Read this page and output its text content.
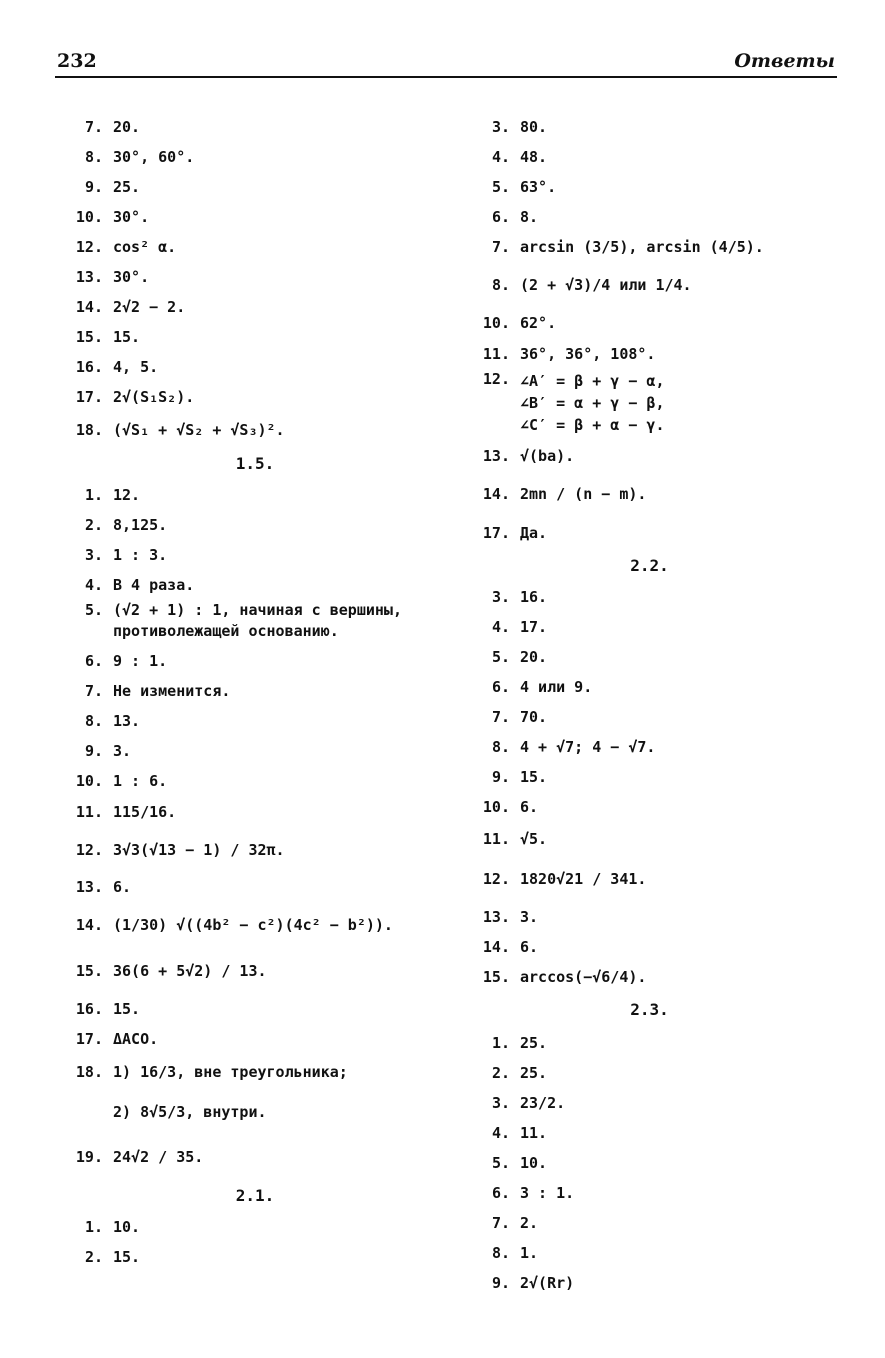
232	Ответы
7. 20.
8. 30°, 60°.
9. 25.
10. 30°.
12. cos² α.
13. 30°.
14. 2√2 − 2.
15. 15.
16. 4, 5.
17. 2√(S₁S₂).
18. (√S₁ + √S₂ + √S₃)².
1.5.
1. 12.
2. 8,125.
3. 1 : 3.
4. В 4 раза.
5. (√2 + 1) : 1, начиная с вершины, противолежащей основанию.
6. 9 : 1.
7. Не изменится.
8. 13.
9. 3.
10. 1 : 6.
11. 115/16.
12. 3√3(√13 − 1) / 32π.
13. 6.
14. (1/30) √((4b² − c²)(4c² − b²)).
15. 36(6 + 5√2) / 13.
16. 15.
17. ΔACO.
18. 1) 16/3, вне треугольника;
2) 8√5/3, внутри.
19. 24√2 / 35.
2.1.
1. 10.
2. 15.
3. 80.
4. 48.
5. 63°.
6. 8.
7. arcsin (3/5), arcsin (4/5).
8. (2 + √3)/4 или 1/4.
10. 62°.
11. 36°, 36°, 108°.
12. ∠A′ = β + γ − α,
∠B′ = α + γ − β,
∠C′ = β + α − γ.
13. √(ba).
14. 2mn / (n − m).
17. Да.
2.2.
3. 16.
4. 17.
5. 20.
6. 4 или 9.
7. 70.
8. 4 + √7; 4 − √7.
9. 15.
10. 6.
11. √5.
12. 1820√21 / 341.
13. 3.
14. 6.
15. arccos(−√6/4).
2.3.
1. 25.
2. 25.
3. 23/2.
4. 11.
5. 10.
6. 3 : 1.
7. 2.
8. 1.
9. 2√(Rr)
